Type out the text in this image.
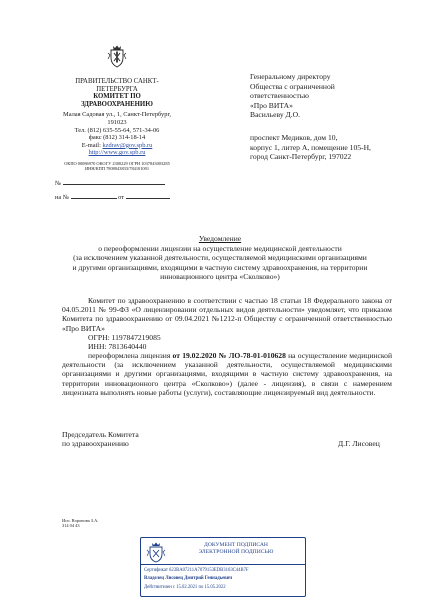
ПРАВИТЕЛЬСТВО САНКТ-ПЕТЕРБУРГА
КОМИТЕТ ПО ЗДРАВООХРАНЕНИЮ
Малая Садовая ул., 1, Санкт-Петербург, 191023
Тел. (812) 635-55-64, 571-34-06
факс (812) 314-18-14
E-mail: kzdrav@gov.spb.ru
http://www.gov.spb.ru
ОКПО 00086970 ОКОГУ 2300229 ОГРН 1037843003285
ИНН/КПП 7808043833/784101001
№
на №	от
Генеральному директору
Общества с ограниченной
ответственностью
«Про ВИТА»
Васильеву Д.О.
проспект Медиков, дом 10,
корпус 1, литер А, помещение 105-Н,
город Санкт-Петербург, 197022
Уведомление
о переоформлении лицензии на осуществление медицинской деятельности
(за исключением указанной деятельности, осуществляемой медицинскими организациями
и другими организациями, входящими в частную систему здравоохранения, на территории
инновационного центра «Сколково»)
Комитет по здравоохранению в соответствии с частью 18 статьи 18 Федерального закона от 04.05.2011 № 99-ФЗ «О лицензировании отдельных видов деятельности» уведомляет, что приказом Комитета по здравоохранению от 09.04.2021 №1212-п Обществу с ограниченной ответственностью «Про ВИТА»
ОГРН: 1197847219085
ИНН: 7813640440
переоформлена лицензия от 19.02.2020 № ЛО-78-01-010628 на осуществление медицинской деятельности (за исключением указанной деятельности, осуществляемой медицинскими организациями и другими организациями, входящими в частную систему здравоохранения, на территории инновационного центра «Сколково») (далее - лицензия), в связи с намерением лицензиата выполнять новые работы (услуги), составляющие лицензируемый вид деятельности.
Председатель Комитета
по здравоохранению	Д.Г. Лисовец
Исп. Воронова З.А.
314 04 43
ДОКУМЕНТ ПОДПИСАН
ЭЛЕКТРОННОЙ ПОДПИСЬЮ
Сертификат 623BA07211A7079153EDB3103C44B7F
Владелец Лисовец Дмитрий Геннадьевич
Действителен с 15.02.2021 по 15.05.2022
